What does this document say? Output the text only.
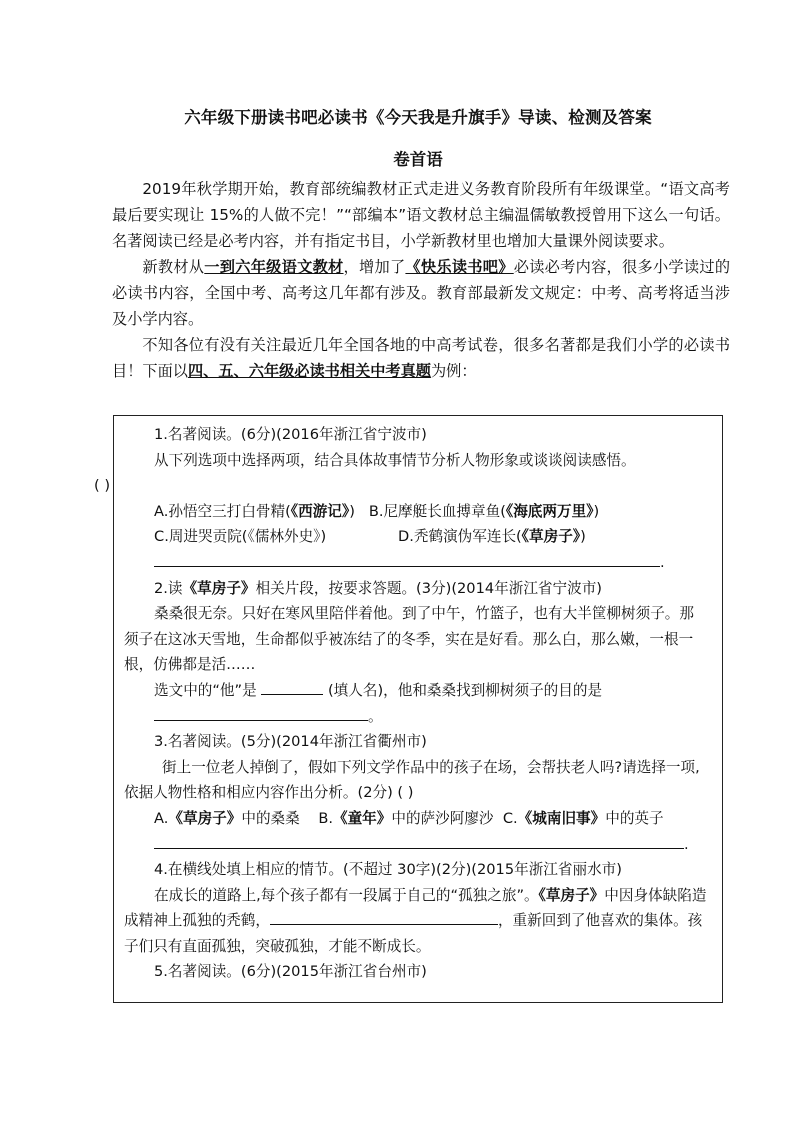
六年级下册读书吧必读书《今天我是升旗手》导读、检测及答案
卷首语

2019年秋学期开始，教育部统编教材正式走进义务教育阶段所有年级课堂。“语文高考最后要实现让 15%的人做不完！”“部编本”语文教材总主编温儒敏教授曾用下这么一句话。名著阅读已经是必考内容，并有指定书目，小学新教材里也增加大量课外阅读要求。

新教材从一到六年级语文教材，增加了《快乐读书吧》必读必考内容，很多小学读过的必读书内容，全国中考、高考这几年都有涉及。教育部最新发文规定：中考、高考将适当涉及小学内容。

不知各位有没有关注最近几年全国各地的中高考试卷，很多名著都是我们小学的必读书目！下面以四、五、六年级必读书相关中考真题为例：

1.名著阅读。(6分)(2016年浙江省宁波市)

从下列选项中选择两项，结合具体故事情节分析人物形象或谈谈阅读感悟。
( )

A.孙悟空三打白骨精(《西游记》) B.尼摩艇长血搏章鱼(《海底两万里》)

C.周进哭贡院(《儒林外史》)	D.秃鹤演伪军连长(《草房子》)

.

2.读《草房子》相关片段，按要求答题。(3分)(2014年浙江省宁波市)

桑桑很无奈。只好在寒风里陪伴着他。到了中午，竹篮子，也有大半筐柳树须子。那须子在这冰天雪地，生命都似乎被冻结了的冬季，实在是好看。那么白，那么嫩，一根一根，仿佛都是活……

选文中的“他”是	(填人名)，他和桑桑找到柳树须子的目的是

。

3.名著阅读。(5分)(2014年浙江省衢州市)

街上一位老人掉倒了，假如下列文学作品中的孩子在场，会帮扶老人吗?请选择一项,依据人物性格和相应内容作出分析。(2分) ( )

A.《草房子》中的桑桑 B.《童年》中的萨沙阿廖沙 C.《城南旧事》中的英子

.

4.在横线处填上相应的情节。(不超过 30字)(2分)(2015年浙江省丽水市)

在成长的道路上,每个孩子都有一段属于自己的“孤独之旅”。《草房子》中因身体缺陷造成精神上孤独的秃鹤，	，重新回到了他喜欢的集体。孩子们只有直面孤独，突破孤独，才能不断成长。

5.名著阅读。(6分)(2015年浙江省台州市)
